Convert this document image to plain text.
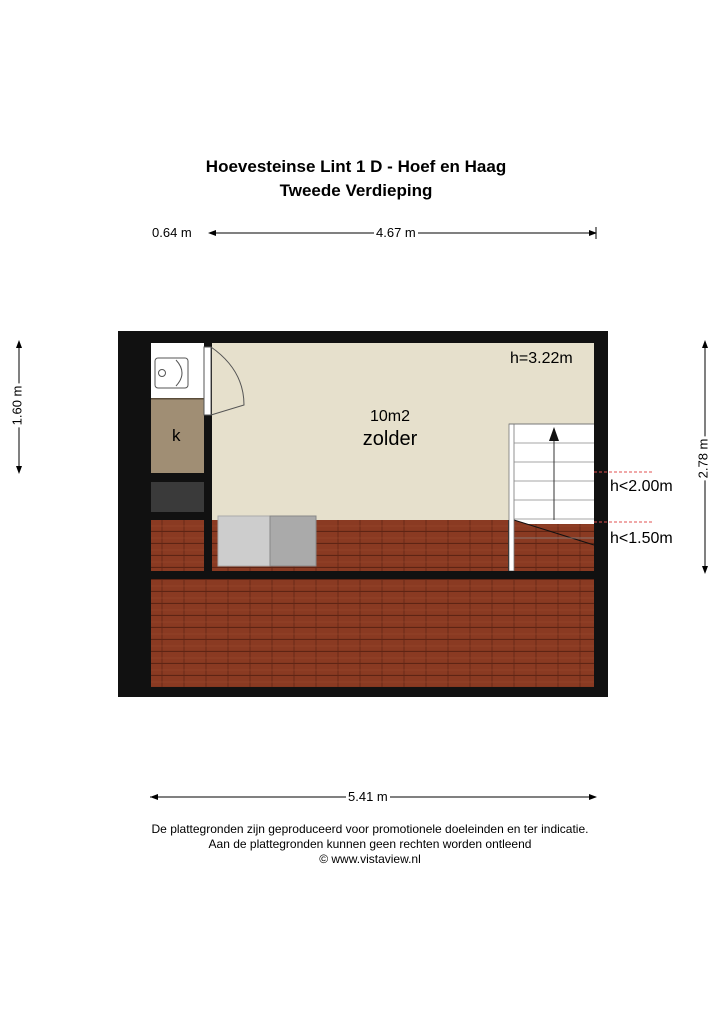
Hoevesteinse Lint 1 D - Hoef en Haag
Tweede Verdieping
0.64 m	4.67 m
1.60 m
2.78 m
5.41 m
10m2
zolder
k
h=3.22m
h<2.00m
h<1.50m
De plattegronden zijn geproduceerd voor promotionele doeleinden en ter indicatie.
Aan de plattegronden kunnen geen rechten worden ontleend
© www.vistaview.nl
